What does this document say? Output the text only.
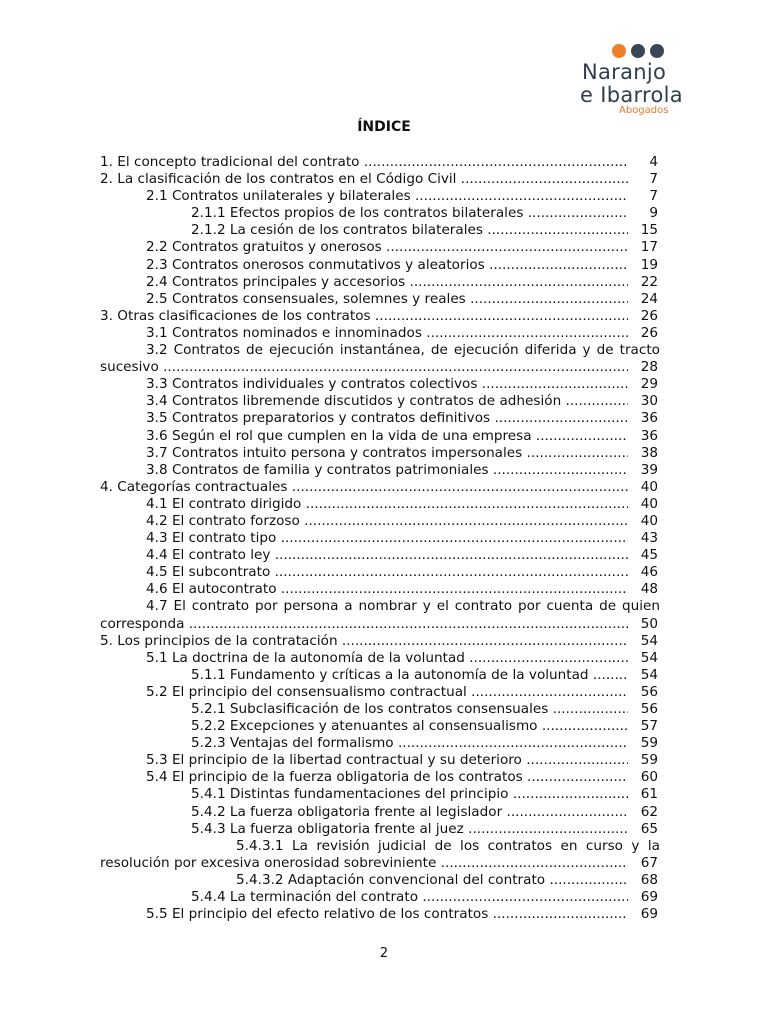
Naranjo
e Ibarrola
Abogados
ÍNDICE
1. El concepto tradicional del contrato .....	4
2. La clasificación de los contratos en el Código Civil .....	7
2.1 Contratos unilaterales y bilaterales .....	7
2.1.1 Efectos propios de los contratos bilaterales .....	9
2.1.2 La cesión de los contratos bilaterales .....	15
2.2 Contratos gratuitos y onerosos .....	17
2.3 Contratos onerosos conmutativos y aleatorios .....	19
2.4 Contratos principales y accesorios .....	22
2.5 Contratos consensuales, solemnes y reales .....	24
3. Otras clasificaciones de los contratos .....	26
3.1 Contratos nominados e innominados .....	26
3.2 Contratos de ejecución instantánea, de ejecución diferida y de tracto
sucesivo .....	28
3.3 Contratos individuales y contratos colectivos .....	29
3.4 Contratos libremende discutidos y contratos de adhesión .....	30
3.5 Contratos preparatorios y contratos definitivos .....	36
3.6 Según el rol que cumplen en la vida de una empresa .....	36
3.7 Contratos intuito persona y contratos impersonales .....	38
3.8 Contratos de familia y contratos patrimoniales .....	39
4. Categorías contractuales .....	40
4.1 El contrato dirigido .....	40
4.2 El contrato forzoso .....	40
4.3 El contrato tipo .....	43
4.4 El contrato ley .....	45
4.5 El subcontrato .....	46
4.6 El autocontrato .....	48
4.7 El contrato por persona a nombrar y el contrato por cuenta de quien
corresponda .....	50
5. Los principios de la contratación .....	54
5.1 La doctrina de la autonomía de la voluntad .....	54
5.1.1 Fundamento y críticas a la autonomía de la voluntad .....	54
5.2 El principio del consensualismo contractual .....	56
5.2.1 Subclasificación de los contratos consensuales .....	56
5.2.2 Excepciones y atenuantes al consensualismo .....	57
5.2.3 Ventajas del formalismo .....	59
5.3 El principio de la libertad contractual y su deterioro .....	59
5.4 El principio de la fuerza obligatoria de los contratos .....	60
5.4.1 Distintas fundamentaciones del principio .....	61
5.4.2 La fuerza obligatoria frente al legislador .....	62
5.4.3 La fuerza obligatoria frente al juez .....	65
5.4.3.1 La revisión judicial de los contratos en curso y la
resolución por excesiva onerosidad sobreviniente .....	67
5.4.3.2 Adaptación convencional del contrato .....	68
5.4.4 La terminación del contrato .....	69
5.5 El principio del efecto relativo de los contratos .....	69
2
